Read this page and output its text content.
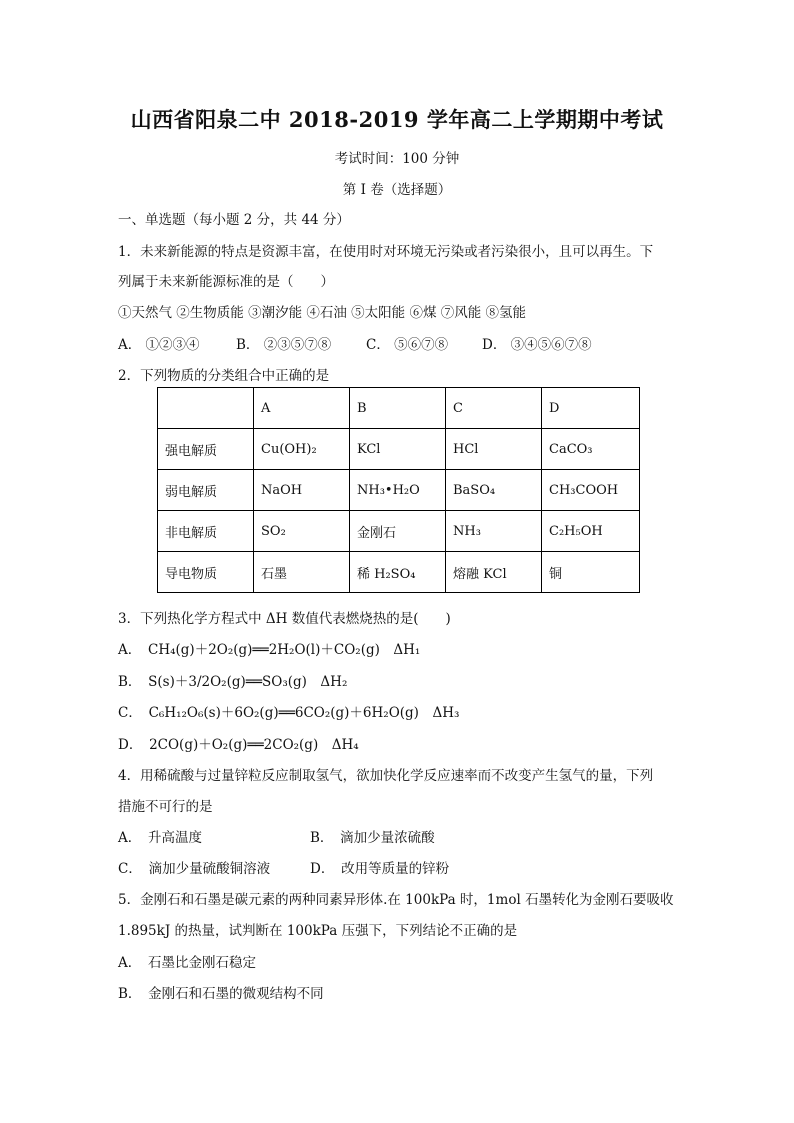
山西省阳泉二中 2018-2019 学年高二上学期期中考试
考试时间：100 分钟
第 I 卷（选择题）
一、单选题（每小题 2 分，共 44 分）
1．未来新能源的特点是资源丰富，在使用时对环境无污染或者污染很小，且可以再生。下
列属于未来新能源标准的是（　　）
①天然气 ②生物质能 ③潮汐能 ④石油 ⑤太阳能 ⑥煤 ⑦风能 ⑧氢能
A． ①②③④	B． ②③⑤⑦⑧	C． ⑤⑥⑦⑧	D． ③④⑤⑥⑦⑧
2．下列物质的分类组合中正确的是
	A	B	C	D
强电解质	Cu(OH)₂	KCl	HCl	CaCO₃
弱电解质	NaOH	NH₃•H₂O	BaSO₄	CH₃COOH
非电解质	SO₂	金刚石	NH₃	C₂H₅OH
导电物质	石墨	稀 H₂SO₄	熔融 KCl	铜
3．下列热化学方程式中 ΔH 数值代表燃烧热的是(　　)
A．　CH₄(g)＋2O₂(g)══2H₂O(l)＋CO₂(g)　ΔH₁
B．　S(s)＋3/2O₂(g)══SO₃(g)　ΔH₂
C．　C₆H₁₂O₆(s)＋6O₂(g)══6CO₂(g)＋6H₂O(g)　ΔH₃
D．　2CO(g)＋O₂(g)══2CO₂(g)　ΔH₄
4．用稀硫酸与过量锌粒反应制取氢气，欲加快化学反应速率而不改变产生氢气的量，下列
措施不可行的是
A．　升高温度	B．　滴加少量浓硫酸
C．　滴加少量硫酸铜溶液	D．　改用等质量的锌粉
5．金刚石和石墨是碳元素的两种同素异形体.在 100kPa 时，1mol 石墨转化为金刚石要吸收
1.895kJ 的热量，试判断在 100kPa 压强下，下列结论不正确的是
A．　石墨比金刚石稳定
B．　金刚石和石墨的微观结构不同
